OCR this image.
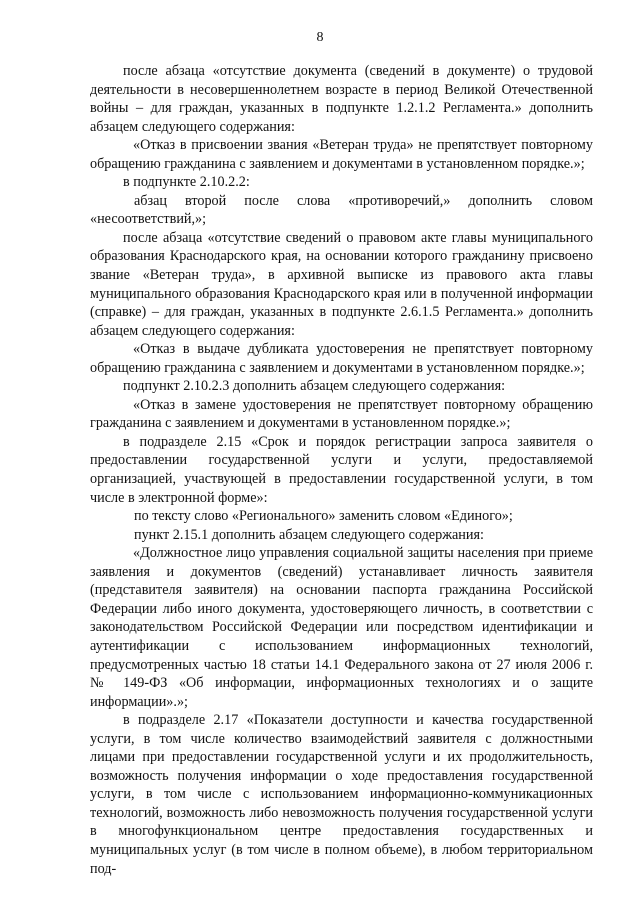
8

после абзаца «отсутствие документа (сведений в документе) о трудовой деятельности в несовершеннолетнем возрасте в период Великой Отечественной войны – для граждан, указанных в подпункте 1.2.1.2 Регламента.» дополнить абзацем следующего содержания:

«Отказ в присвоении звания «Ветеран труда» не препятствует повторному обращению гражданина с заявлением и документами в установленном порядке.»;

в подпункте 2.10.2.2:

абзац второй после слова «противоречий,» дополнить словом «несоответствий,»;

после абзаца «отсутствие сведений о правовом акте главы муниципального образования Краснодарского края, на основании которого гражданину присвоено звание «Ветеран труда», в архивной выписке из правового акта главы муниципального образования Краснодарского края или в полученной информации (справке) – для граждан, указанных в подпункте 2.6.1.5 Регламента.» дополнить абзацем следующего содержания:

«Отказ в выдаче дубликата удостоверения не препятствует повторному обращению гражданина с заявлением и документами в установленном порядке.»;

подпункт 2.10.2.3 дополнить абзацем следующего содержания:

«Отказ в замене удостоверения не препятствует повторному обращению гражданина с заявлением и документами в установленном порядке.»;

в подразделе 2.15 «Срок и порядок регистрации запроса заявителя о предоставлении государственной услуги и услуги, предоставляемой организацией, участвующей в предоставлении государственной услуги, в том числе в электронной форме»:

по тексту слово «Регионального» заменить словом «Единого»;

пункт 2.15.1 дополнить абзацем следующего содержания:

«Должностное лицо управления социальной защиты населения при приеме заявления и документов (сведений) устанавливает личность заявителя (представителя заявителя) на основании паспорта гражданина Российской Федерации либо иного документа, удостоверяющего личность, в соответствии с законодательством Российской Федерации или посредством идентификации и аутентификации с использованием информационных технологий, предусмотренных частью 18 статьи 14.1 Федерального закона от 27 июля 2006 г. № 149-ФЗ «Об информации, информационных технологиях и о защите информации».»;

в подразделе 2.17 «Показатели доступности и качества государственной услуги, в том числе количество взаимодействий заявителя с должностными лицами при предоставлении государственной услуги и их продолжительность, возможность получения информации о ходе предоставления государственной услуги, в том числе с использованием информационно-коммуникационных технологий, возможность либо невозможность получения государственной услуги в многофункциональном центре предоставления государственных и муниципальных услуг (в том числе в полном объеме), в любом территориальном под-
